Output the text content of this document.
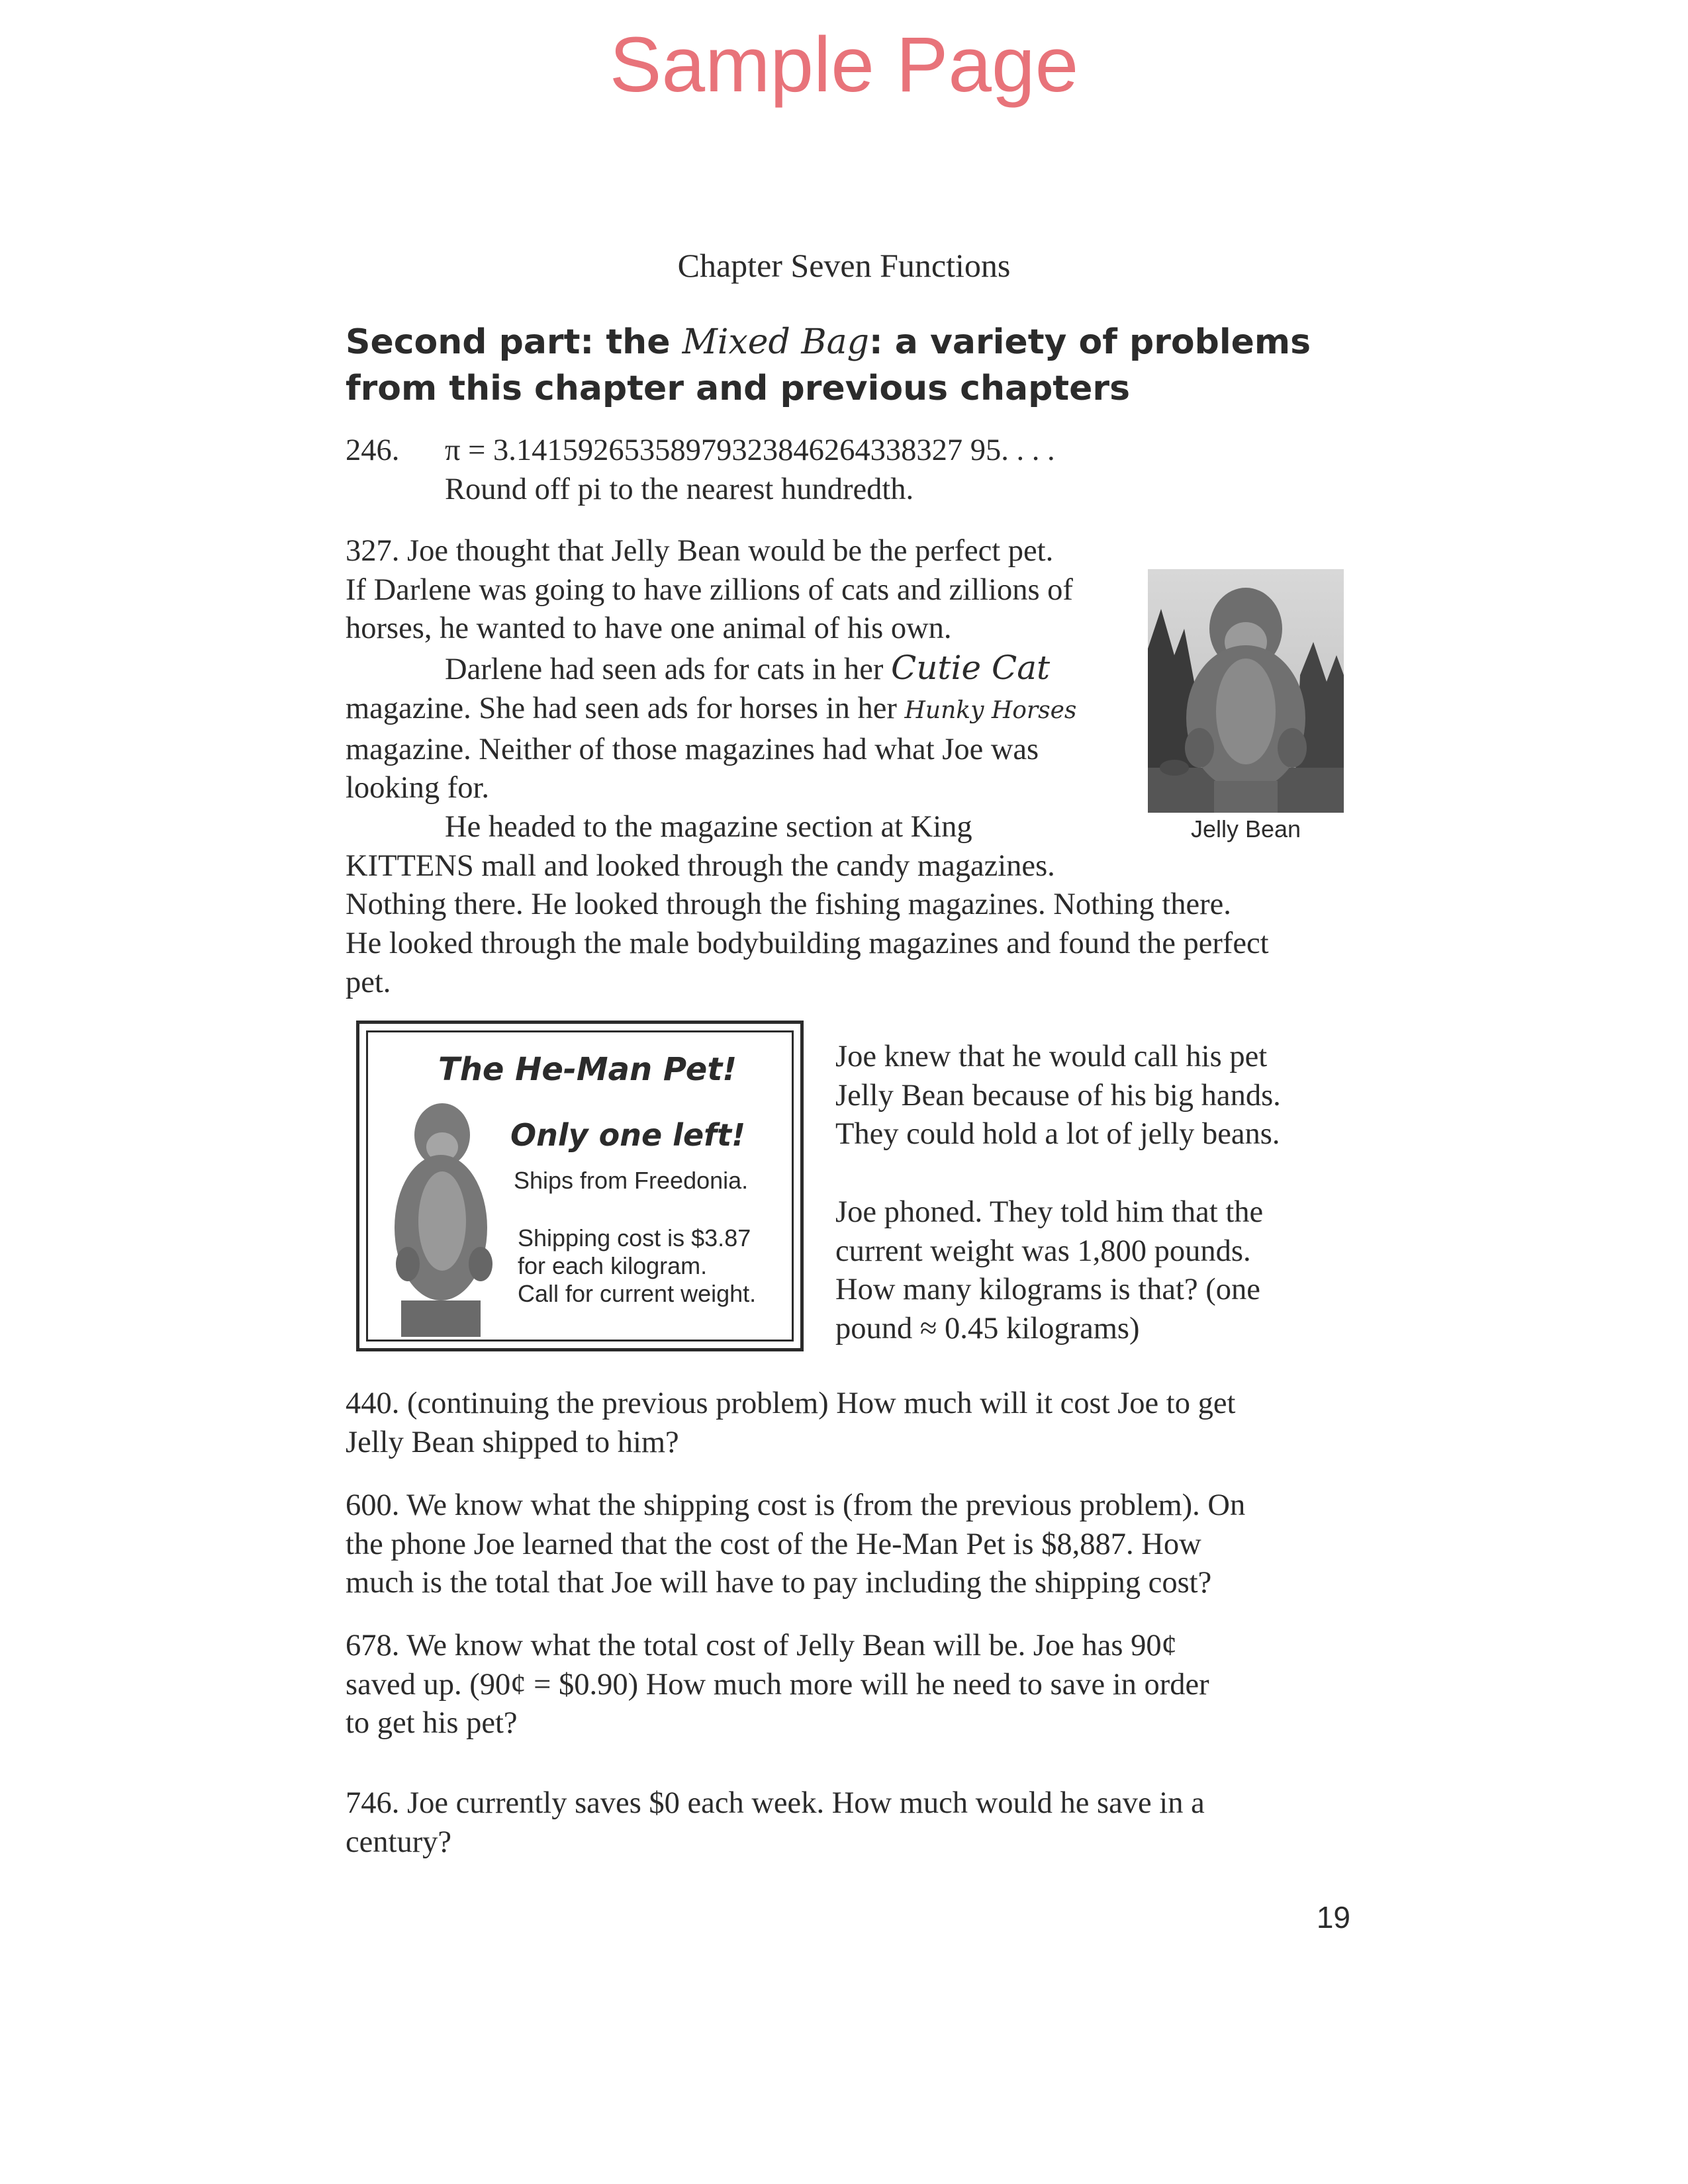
Sample Page
Chapter Seven Functions
Second part: the Mixed Bag: a variety of problems from this chapter and previous chapters
246. π = 3.14159265358979323846264338327 95. . . .
Round off pi to the nearest hundredth.
327. Joe thought that Jelly Bean would be the perfect pet.
If Darlene was going to have zillions of cats and zillions of
horses, he wanted to have one animal of his own.
Darlene had seen ads for cats in her Cutie Cat
magazine. She had seen ads for horses in her Hunky Horses
magazine. Neither of those magazines had what Joe was
looking for.
He headed to the magazine section at King
KITTENS mall and looked through the candy magazines.
Nothing there. He looked through the fishing magazines. Nothing there.
He looked through the male bodybuilding magazines and found the perfect
pet.
Jelly Bean
The He-Man Pet!
Only one left!
Ships from Freedonia.
Shipping cost is $3.87
for each kilogram.
Call for current weight.
Joe knew that he would call his pet
Jelly Bean because of his big hands.
They could hold a lot of jelly beans.
Joe phoned. They told him that the
current weight was 1,800 pounds.
How many kilograms is that? (one
pound ≈ 0.45 kilograms)
440. (continuing the previous problem) How much will it cost Joe to get
Jelly Bean shipped to him?
600. We know what the shipping cost is (from the previous problem). On
the phone Joe learned that the cost of the He-Man Pet is $8,887. How
much is the total that Joe will have to pay including the shipping cost?
678. We know what the total cost of Jelly Bean will be. Joe has 90¢
saved up. (90¢ = $0.90) How much more will he need to save in order
to get his pet?
746. Joe currently saves $0 each week. How much would he save in a
century?
19
